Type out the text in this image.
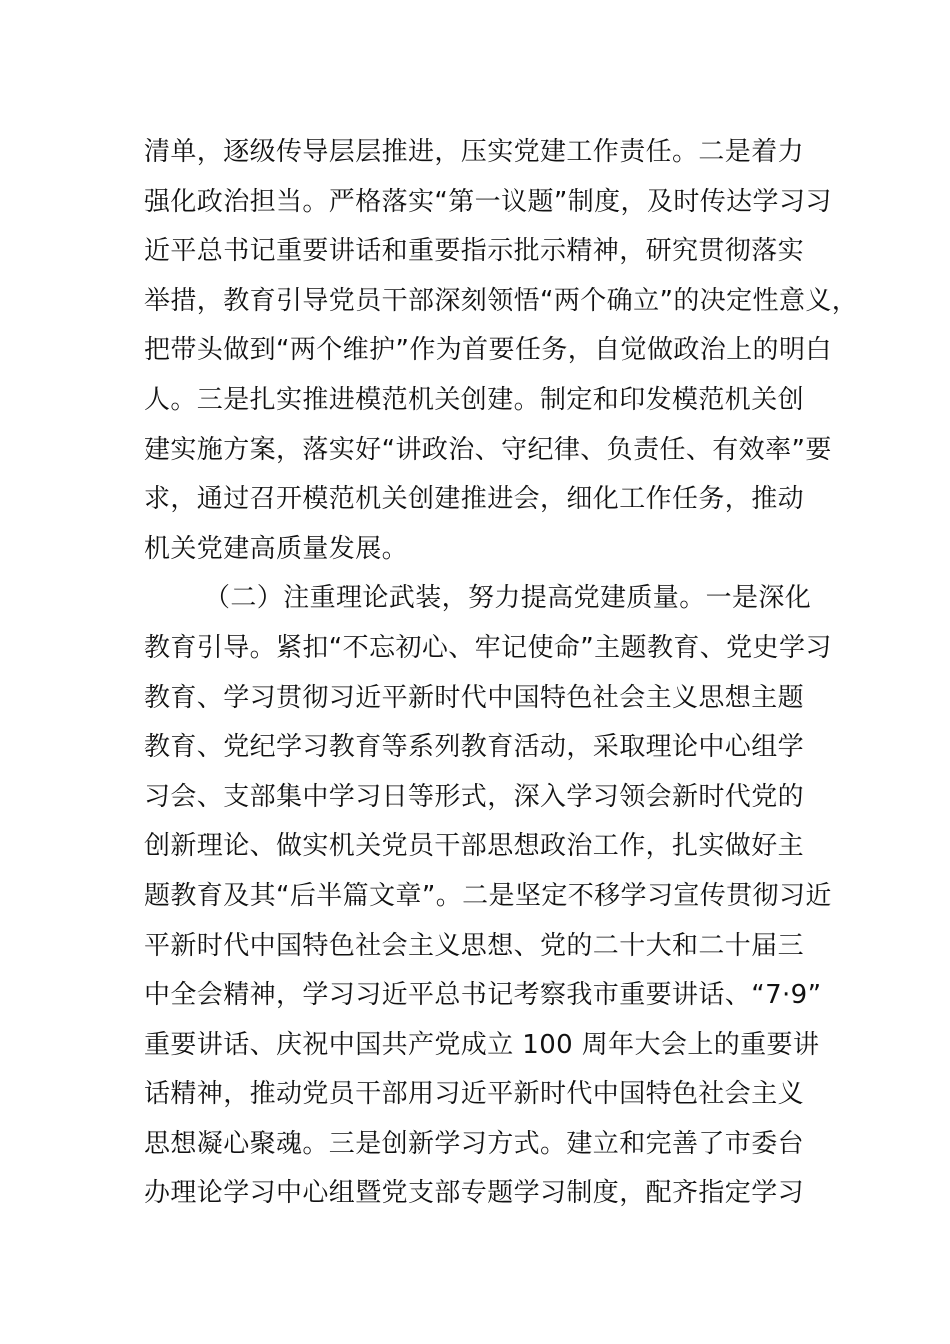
清单，逐级传导层层推进，压实党建工作责任。二是着力
强化政治担当。严格落实“第一议题”制度，及时传达学习习
近平总书记重要讲话和重要指示批示精神，研究贯彻落实
举措，教育引导党员干部深刻领悟“两个确立”的决定性意义，
把带头做到“两个维护”作为首要任务，自觉做政治上的明白
人。三是扎实推进模范机关创建。制定和印发模范机关创
建实施方案，落实好“讲政治、守纪律、负责任、有效率”要
求，通过召开模范机关创建推进会，细化工作任务，推动
机关党建高质量发展。
（二）注重理论武装，努力提高党建质量。一是深化
教育引导。紧扣“不忘初心、牢记使命”主题教育、党史学习
教育、学习贯彻习近平新时代中国特色社会主义思想主题
教育、党纪学习教育等系列教育活动，采取理论中心组学
习会、支部集中学习日等形式，深入学习领会新时代党的
创新理论、做实机关党员干部思想政治工作，扎实做好主
题教育及其“后半篇文章”。二是坚定不移学习宣传贯彻习近
平新时代中国特色社会主义思想、党的二十大和二十届三
中全会精神，学习习近平总书记考察我市重要讲话、“7·9”
重要讲话、庆祝中国共产党成立 100 周年大会上的重要讲
话精神，推动党员干部用习近平新时代中国特色社会主义
思想凝心聚魂。三是创新学习方式。建立和完善了市委台
办理论学习中心组暨党支部专题学习制度，配齐指定学习
